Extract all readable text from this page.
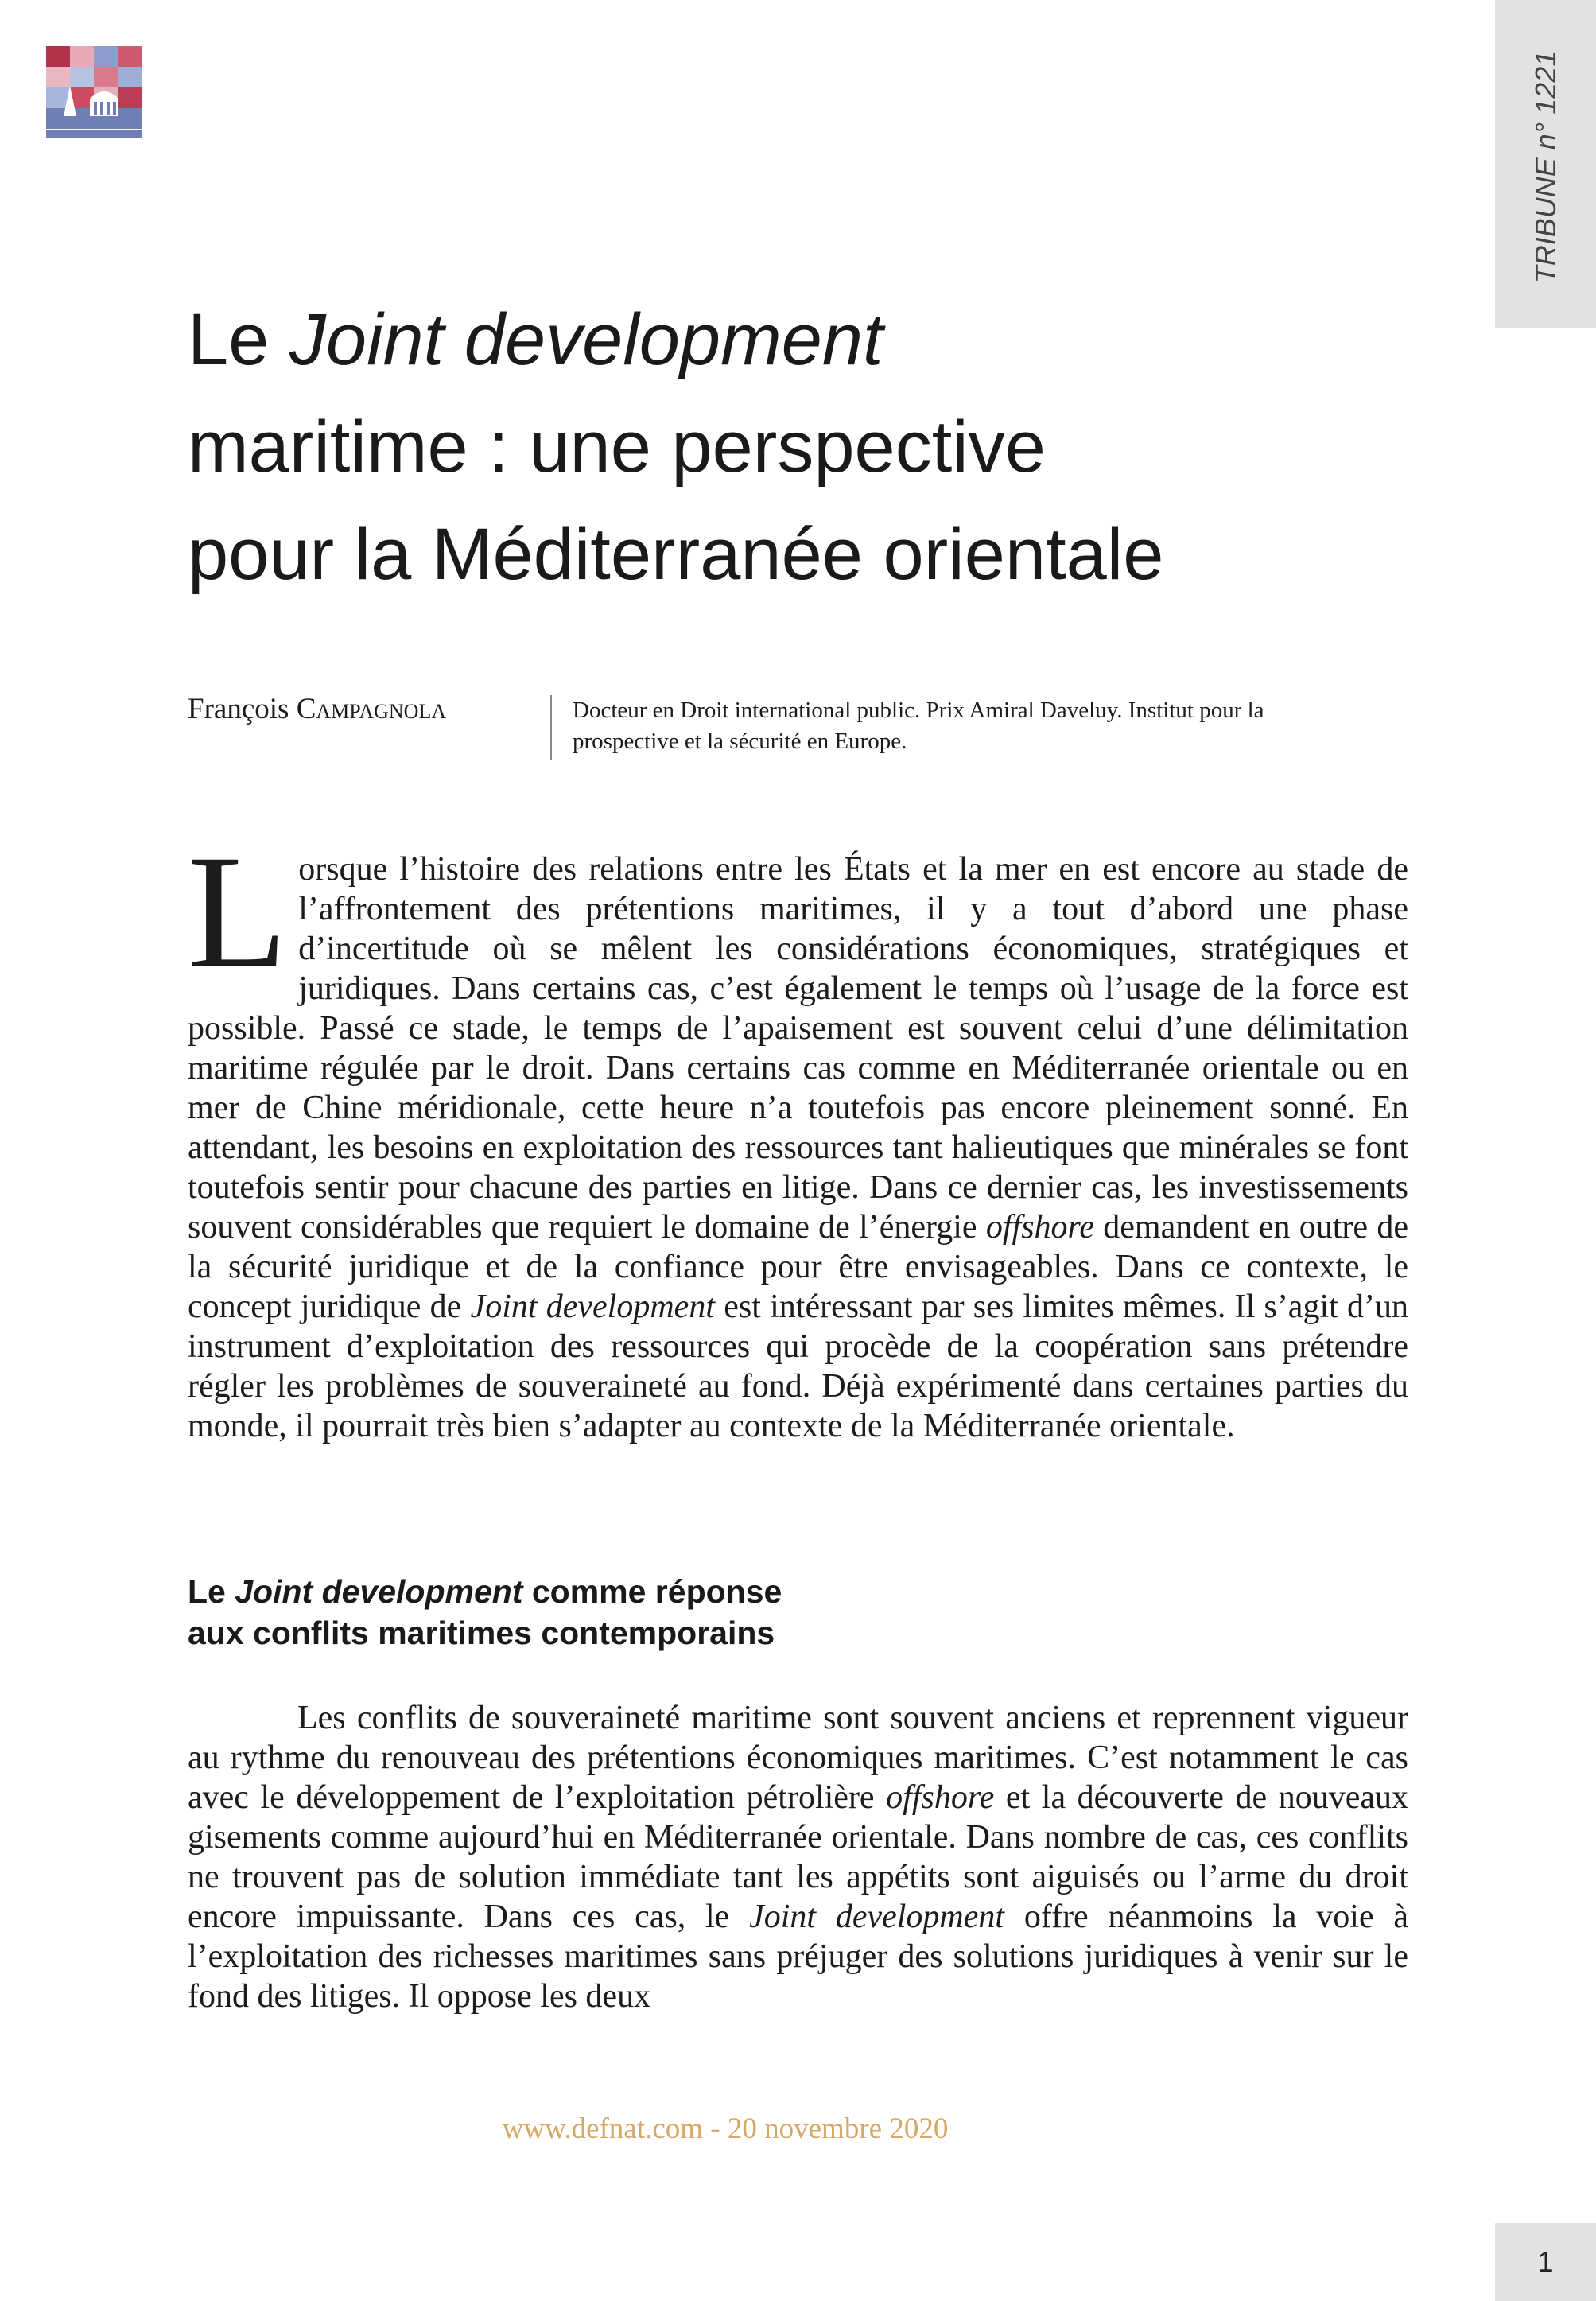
TRIBUNE n° 1221
Le Joint development
maritime : une perspective
pour la Méditerranée orientale
François Campagnola	Docteur en Droit international public. Prix Amiral Daveluy. Institut pour la
prospective et la sécurité en Europe.

Lorsque l’histoire des relations entre les États et la mer en est encore au stade de l’affrontement des prétentions maritimes, il y a tout d’abord une phase d’incertitude où se mêlent les considérations économiques, stratégiques et juridiques. Dans certains cas, c’est également le temps où l’usage de la force est possible. Passé ce stade, le temps de l’apaisement est souvent celui d’une délimitation maritime régulée par le droit. Dans certains cas comme en Méditerranée orientale ou en mer de Chine méridionale, cette heure n’a toutefois pas encore pleinement sonné. En attendant, les besoins en exploitation des ressources tant halieutiques que minérales se font toutefois sentir pour chacune des parties en litige. Dans ce dernier cas, les investissements souvent considérables que requiert le domaine de l’énergie offshore demandent en outre de la sécurité juridique et de la confiance pour être envisageables. Dans ce contexte, le concept juridique de Joint development est intéressant par ses limites mêmes. Il s’agit d’un instrument d’exploitation des ressources qui procède de la coopération sans prétendre régler les problèmes de souveraineté au fond. Déjà expérimenté dans certaines parties du monde, il pourrait très bien s’adapter au contexte de la Méditerranée orientale.

Le Joint development comme réponse
aux conflits maritimes contemporains

Les conflits de souveraineté maritime sont souvent anciens et reprennent vigueur au rythme du renouveau des prétentions économiques maritimes. C’est notamment le cas avec le développement de l’exploitation pétrolière offshore et la découverte de nouveaux gisements comme aujourd’hui en Méditerranée orientale. Dans nombre de cas, ces conflits ne trouvent pas de solution immédiate tant les appétits sont aiguisés ou l’arme du droit encore impuissante. Dans ces cas, le Joint development offre néanmoins la voie à l’exploitation des richesses maritimes sans préjuger des solutions juridiques à venir sur le fond des litiges. Il oppose les deux

www.defnat.com - 20 novembre 2020
1
